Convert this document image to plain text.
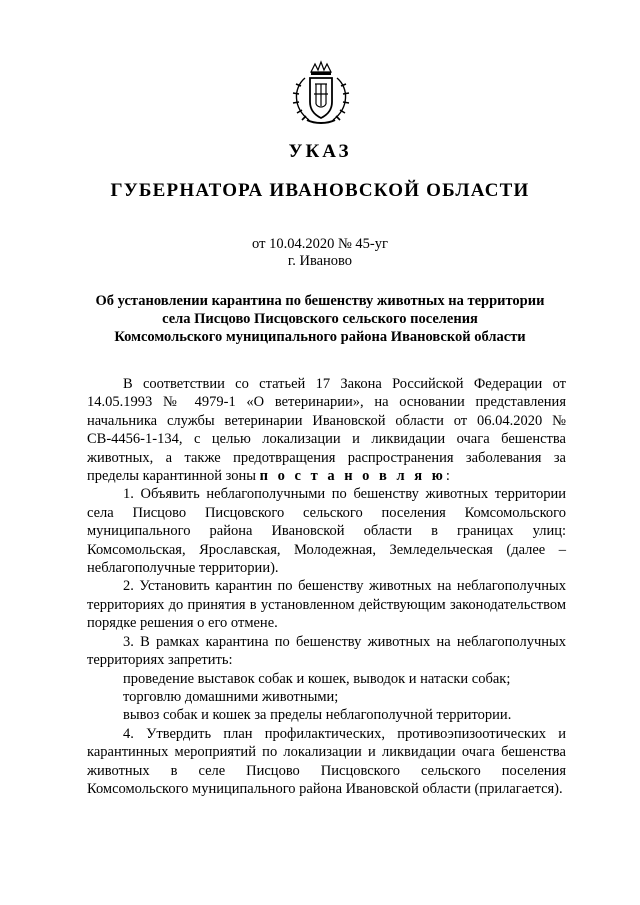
УКАЗ
ГУБЕРНАТОРА ИВАНОВСКОЙ ОБЛАСТИ
от 10.04.2020 № 45-уг
г. Иваново
Об установлении карантина по бешенству животных на территории
села Писцово Писцовского сельского поселения
Комсомольского муниципального района Ивановской области

В соответствии со статьей 17 Закона Российской Федерации от 14.05.1993 № 4979-1 «О ветеринарии», на основании представления начальника службы ветеринарии Ивановской области от 06.04.2020 № СВ-4456-1-134, с целью локализации и ликвидации очага бешенства животных, а также предотвращения распространения заболевания за пределы карантинной зоны п о с т а н о в л я ю:

1. Объявить неблагополучными по бешенству животных территории села Писцово Писцовского сельского поселения Комсомольского муниципального района Ивановской области в границах улиц: Комсомольская, Ярославская, Молодежная, Земледельческая (далее – неблагополучные территории).

2. Установить карантин по бешенству животных на неблагополучных территориях до принятия в установленном действующим законодательством порядке решения о его отмене.

3. В рамках карантина по бешенству животных на неблагополучных территориях запретить:

проведение выставок собак и кошек, выводок и натаски собак;

торговлю домашними животными;

вывоз собак и кошек за пределы неблагополучной территории.

4. Утвердить план профилактических, противоэпизоотических и карантинных мероприятий по локализации и ликвидации очага бешенства животных в селе Писцово Писцовского сельского поселения Комсомольского муниципального района Ивановской области (прилагается).
